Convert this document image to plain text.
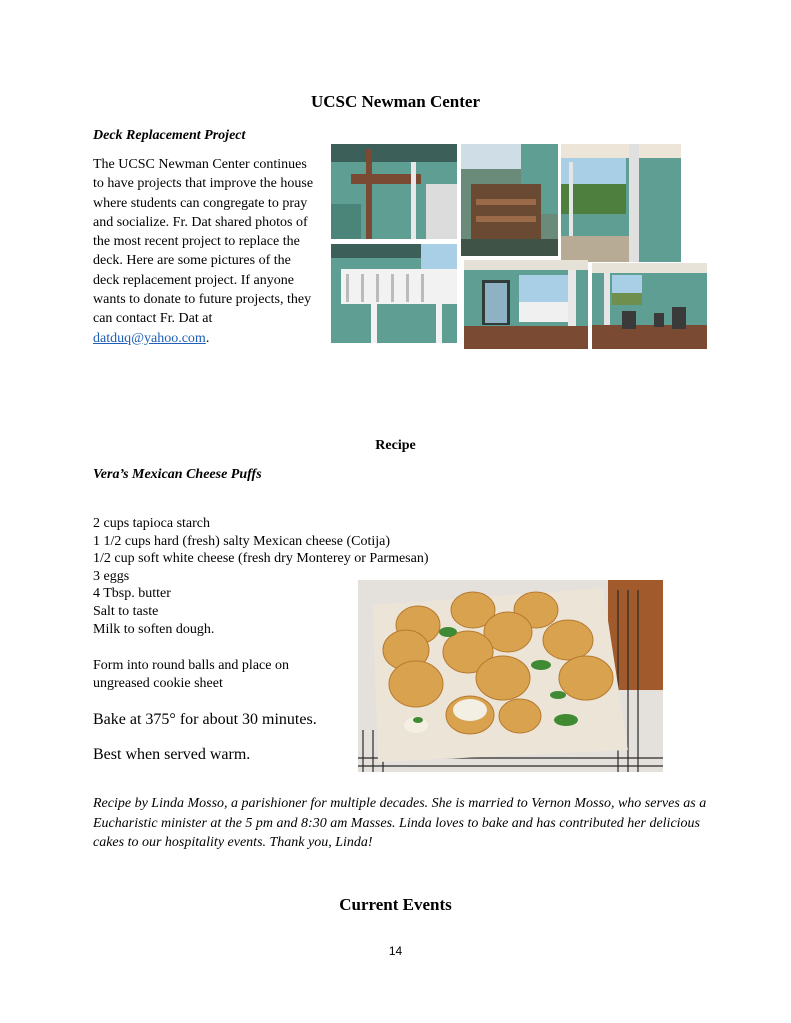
UCSC Newman Center

Deck Replacement Project

The UCSC Newman Center continues to have projects that improve the house where students can congregate to pray and socialize. Fr. Dat shared photos of the most recent project to replace the deck. Here are some pictures of the deck replacement project. If anyone wants to donate to future projects, they can contact Fr. Dat at datduq@yahoo.com.

Recipe

Vera’s Mexican Cheese Puffs

2 cups tapioca starch
1 1/2 cups hard (fresh) salty Mexican cheese (Cotija)
1/2 cup soft white cheese (fresh dry Monterey or Parmesan)
3 eggs
4 Tbsp. butter
Salt to taste
Milk to soften dough.
Form into round balls and place on
ungreased cookie sheet
Bake at 375° for about 30 minutes.
Best when served warm.

Recipe by Linda Mosso, a parishioner for multiple decades. She is married to Vernon Mosso, who serves as a Eucharistic minister at the 5 pm and 8:30 am Masses. Linda loves to bake and has contributed her delicious cakes to our hospitality events. Thank you, Linda!

Current Events

14
